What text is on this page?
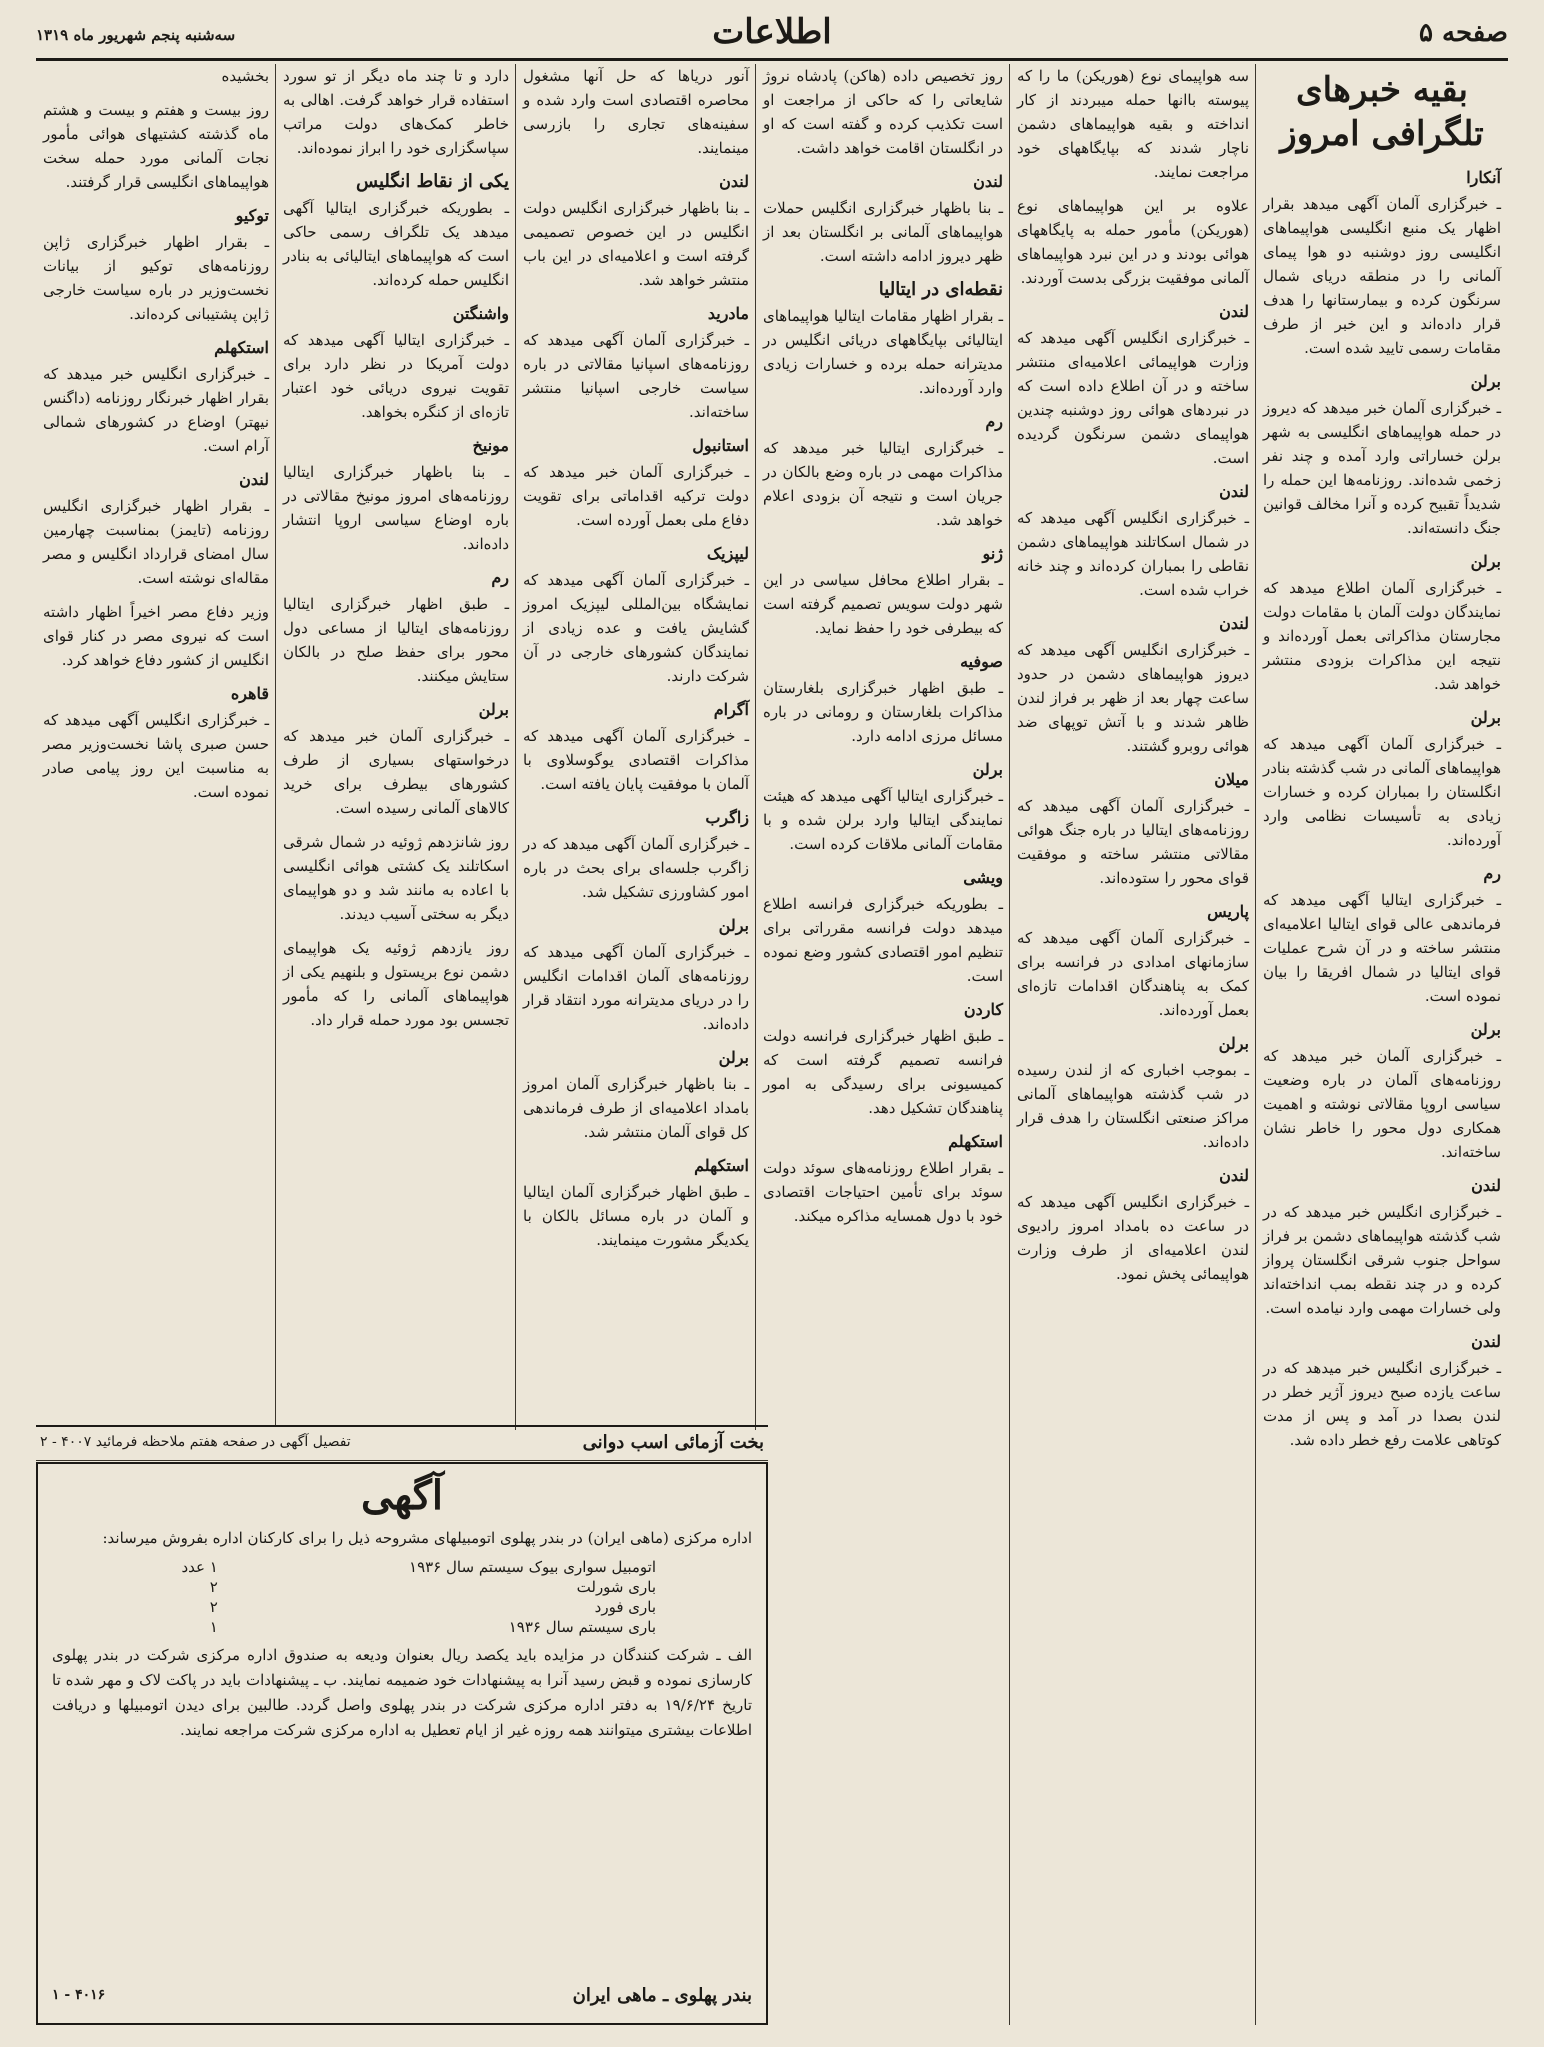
صفحه ۵
اطلاعات
سه‌شنبه پنجم شهریور ماه ۱۳۱۹
بقیه خبرهای تلگرافی امروز
آنکارا
ـ خبرگزاری آلمان آگهی میدهد بقرار اظهار یک منبع انگلیسی هواپیماهای انگلیسی روز دوشنبه دو هوا پیمای آلمانی را در منطقه دریای شمال سرنگون کرده و بیمارستانها را هدف قرار داده‌اند و این خبر از طرف مقامات رسمی تایید شده است.
برلن
ـ خبرگزاری آلمان خبر میدهد که دیروز در حمله هواپیماهای انگلیسی به شهر برلن خساراتی وارد آمده و چند نفر زخمی شده‌اند. روزنامه‌ها این حمله را شدیداً تقبیح کرده و آنرا مخالف قوانین جنگ دانسته‌اند.
برلن
ـ خبرگزاری آلمان اطلاع میدهد که نمایندگان دولت آلمان با مقامات دولت مجارستان مذاکراتی بعمل آورده‌اند و نتیجه این مذاکرات بزودی منتشر خواهد شد.
برلن
ـ خبرگزاری آلمان آگهی میدهد که هواپیماهای آلمانی در شب گذشته بنادر انگلستان را بمباران کرده و خسارات زیادی به تأسیسات نظامی وارد آورده‌اند.
رم
ـ خبرگزاری ایتالیا آگهی میدهد که فرماندهی عالی قوای ایتالیا اعلامیه‌ای منتشر ساخته و در آن شرح عملیات قوای ایتالیا در شمال افریقا را بیان نموده است.
برلن
ـ خبرگزاری آلمان خبر میدهد که روزنامه‌های آلمان در باره وضعیت سیاسی اروپا مقالاتی نوشته و اهمیت همکاری دول محور را خاطر نشان ساخته‌اند.
لندن
ـ خبرگزاری انگلیس خبر میدهد که در شب گذشته هواپیماهای دشمن بر فراز سواحل جنوب شرقی انگلستان پرواز کرده و در چند نقطه بمب انداخته‌اند ولی خسارات مهمی وارد نیامده است.
لندن
ـ خبرگزاری انگلیس خبر میدهد که در ساعت یازده صبح دیروز آژیر خطر در لندن بصدا در آمد و پس از مدت کوتاهی علامت رفع خطر داده شد.
سه هواپیمای نوع (هوریکن) ما را که پیوسته باانها حمله میبردند از کار انداخته و بقیه هواپیماهای دشمن ناچار شدند که بپایگاههای خود مراجعت نمایند.
علاوه بر این هواپیماهای نوع (هوریکن) مأمور حمله به پایگاههای هوائی بودند و در این نبرد هواپیماهای آلمانی موفقیت بزرگی بدست آوردند.
لندن
ـ خبرگزاری انگلیس آگهی میدهد که وزارت هواپیمائی اعلامیه‌ای منتشر ساخته و در آن اطلاع داده است که در نبردهای هوائی روز دوشنبه چندین هواپیمای دشمن سرنگون گردیده است.
لندن
ـ خبرگزاری انگلیس آگهی میدهد که در شمال اسکاتلند هواپیماهای دشمن نقاطی را بمباران کرده‌اند و چند خانه خراب شده است.
لندن
ـ خبرگزاری انگلیس آگهی میدهد که دیروز هواپیماهای دشمن در حدود ساعت چهار بعد از ظهر بر فراز لندن ظاهر شدند و با آتش توپهای ضد هوائی روبرو گشتند.
میلان
ـ خبرگزاری آلمان آگهی میدهد که روزنامه‌های ایتالیا در باره جنگ هوائی مقالاتی منتشر ساخته و موفقیت قوای محور را ستوده‌اند.
پاریس
ـ خبرگزاری آلمان آگهی میدهد که سازمانهای امدادی در فرانسه برای کمک به پناهندگان اقدامات تازه‌ای بعمل آورده‌اند.
برلن
ـ بموجب اخباری که از لندن رسیده در شب گذشته هواپیماهای آلمانی مراکز صنعتی انگلستان را هدف قرار داده‌اند.
لندن
ـ خبرگزاری انگلیس آگهی میدهد که در ساعت ده بامداد امروز رادیوی لندن اعلامیه‌ای از طرف وزارت هواپیمائی پخش نمود.
روز تخصیص داده (هاکن) پادشاه نروژ شایعاتی را که حاکی از مراجعت او است تکذیب کرده و گفته است که او در انگلستان اقامت خواهد داشت.
لندن
ـ بنا باظهار خبرگزاری انگلیس حملات هواپیماهای آلمانی بر انگلستان بعد از ظهر دیروز ادامه داشته است.
نقطه‌ای در ایتالیا
ـ بقرار اظهار مقامات ایتالیا هواپیماهای ایتالیائی بپایگاههای دریائی انگلیس در مدیترانه حمله برده و خسارات زیادی وارد آورده‌اند.
رم
ـ خبرگزاری ایتالیا خبر میدهد که مذاکرات مهمی در باره وضع بالکان در جریان است و نتیجه آن بزودی اعلام خواهد شد.
ژنو
ـ بقرار اطلاع محافل سیاسی در این شهر دولت سویس تصمیم گرفته است که بیطرفی خود را حفظ نماید.
صوفیه
ـ طبق اظهار خبرگزاری بلغارستان مذاکرات بلغارستان و رومانی در باره مسائل مرزی ادامه دارد.
برلن
ـ خبرگزاری ایتالیا آگهی میدهد که هیئت نمایندگی ایتالیا وارد برلن شده و با مقامات آلمانی ملاقات کرده است.
ویشی
ـ بطوریکه خبرگزاری فرانسه اطلاع میدهد دولت فرانسه مقرراتی برای تنظیم امور اقتصادی کشور وضع نموده است.
کاردن
ـ طبق اظهار خبرگزاری فرانسه دولت فرانسه تصمیم گرفته است که کمیسیونی برای رسیدگی به امور پناهندگان تشکیل دهد.
استکهلم
ـ بقرار اطلاع روزنامه‌های سوئد دولت سوئد برای تأمین احتیاجات اقتصادی خود با دول همسایه مذاکره میکند.
آنور دریاها که حل آنها مشغول محاصره اقتصادی است وارد شده و سفینه‌های تجاری را بازرسی مینمایند.
لندن
ـ بنا باظهار خبرگزاری انگلیس دولت انگلیس در این خصوص تصمیمی گرفته است و اعلامیه‌ای در این باب منتشر خواهد شد.
مادرید
ـ خبرگزاری آلمان آگهی میدهد که روزنامه‌های اسپانیا مقالاتی در باره سیاست خارجی اسپانیا منتشر ساخته‌اند.
استانبول
ـ خبرگزاری آلمان خبر میدهد که دولت ترکیه اقداماتی برای تقویت دفاع ملی بعمل آورده است.
لیپزیک
ـ خبرگزاری آلمان آگهی میدهد که نمایشگاه بین‌المللی لیپزیک امروز گشایش یافت و عده زیادی از نمایندگان کشورهای خارجی در آن شرکت دارند.
آگرام
ـ خبرگزاری آلمان آگهی میدهد که مذاکرات اقتصادی یوگوسلاوی با آلمان با موفقیت پایان یافته است.
زاگرب
ـ خبرگزاری آلمان آگهی میدهد که در زاگرب جلسه‌ای برای بحث در باره امور کشاورزی تشکیل شد.
برلن
ـ خبرگزاری آلمان آگهی میدهد که روزنامه‌های آلمان اقدامات انگلیس را در دریای مدیترانه مورد انتقاد قرار داده‌اند.
برلن
ـ بنا باظهار خبرگزاری آلمان امروز بامداد اعلامیه‌ای از طرف فرماندهی کل قوای آلمان منتشر شد.
استکهلم
ـ طبق اظهار خبرگزاری آلمان ایتالیا و آلمان در باره مسائل بالکان با یکدیگر مشورت مینمایند.
دارد و تا چند ماه دیگر از تو سورد استفاده قرار خواهد گرفت. اهالی به خاطر کمک‌های دولت مراتب سپاسگزاری خود را ابراز نموده‌اند.
یکی از نقاط انگلیس
ـ بطوریکه خبرگزاری ایتالیا آگهی میدهد یک تلگراف رسمی حاکی است که هواپیماهای ایتالیائی به بنادر انگلیس حمله کرده‌اند.
واشنگتن
ـ خبرگزاری ایتالیا آگهی میدهد که دولت آمریکا در نظر دارد برای تقویت نیروی دریائی خود اعتبار تازه‌ای از کنگره بخواهد.
مونیخ
ـ بنا باظهار خبرگزاری ایتالیا روزنامه‌های امروز مونیخ مقالاتی در باره اوضاع سیاسی اروپا انتشار داده‌اند.
رم
ـ طبق اظهار خبرگزاری ایتالیا روزنامه‌های ایتالیا از مساعی دول محور برای حفظ صلح در بالکان ستایش میکنند.
برلن
ـ خبرگزاری آلمان خبر میدهد که درخواستهای بسیاری از طرف کشورهای بیطرف برای خرید کالاهای آلمانی رسیده است.
روز شانزدهم ژوئیه در شمال شرقی اسکاتلند یک کشتی هوائی انگلیسی با اعاده به مانند شد و دو هواپیمای دیگر به سختی آسیب دیدند.
روز یازدهم ژوئیه یک هواپیمای دشمن نوع بریستول و بلنهیم یکی از هواپیماهای آلمانی را که مأمور تجسس بود مورد حمله قرار داد.
بخشیده
روز بیست و هفتم و بیست و هشتم ماه گذشته کشتیهای هوائی مأمور نجات آلمانی مورد حمله سخت هواپیماهای انگلیسی قرار گرفتند.
توکیو
ـ بقرار اظهار خبرگزاری ژاپن روزنامه‌های توکیو از بیانات نخست‌وزیر در باره سیاست خارجی ژاپن پشتیبانی کرده‌اند.
استکهلم
ـ خبرگزاری انگلیس خبر میدهد که بقرار اظهار خبرنگار روزنامه (داگنس نیهتر) اوضاع در کشورهای شمالی آرام است.
لندن
ـ بقرار اظهار خبرگزاری انگلیس روزنامه (تایمز) بمناسبت چهارمین سال امضای قرارداد انگلیس و مصر مقاله‌ای نوشته است.
وزیر دفاع مصر اخیراً اظهار داشته است که نیروی مصر در کنار قوای انگلیس از کشور دفاع خواهد کرد.
قاهره
ـ خبرگزاری انگلیس آگهی میدهد که حسن صبری پاشا نخست‌وزیر مصر به مناسبت این روز پیامی صادر نموده است.
تفصیل آگهی در صفحه هفتم ملاحظه فرمائید ۴۰۰۷ - ۲	بخت آزمائی اسب دوانی
آگهی
اداره مرکزی (ماهی ایران) در بندر پهلوی اتومبیلهای مشروحه ذیل را برای کارکنان اداره بفروش میرساند:
اتومبیل سواری بیوک سیستم سال ۱۹۳۶	۱ عدد
باری شورلت	۲
باری فورد	۲
باری سیستم سال ۱۹۳۶	۱
الف ـ شرکت کنندگان در مزایده باید یکصد ریال بعنوان ودیعه به صندوق اداره مرکزی شرکت در بندر پهلوی کارسازی نموده و قبض رسید آنرا به پیشنهادات خود ضمیمه نمایند. ب ـ پیشنهادات باید در پاکت لاک و مهر شده تا تاریخ ۱۹/۶/۲۴ به دفتر اداره مرکزی شرکت در بندر پهلوی واصل گردد. طالبین برای دیدن اتومبیلها و دریافت اطلاعات بیشتری میتوانند همه روزه غیر از ایام تعطیل به اداره مرکزی شرکت مراجعه نمایند.
۴۰۱۶ - ۱	بندر پهلوی ـ ماهی ایران
